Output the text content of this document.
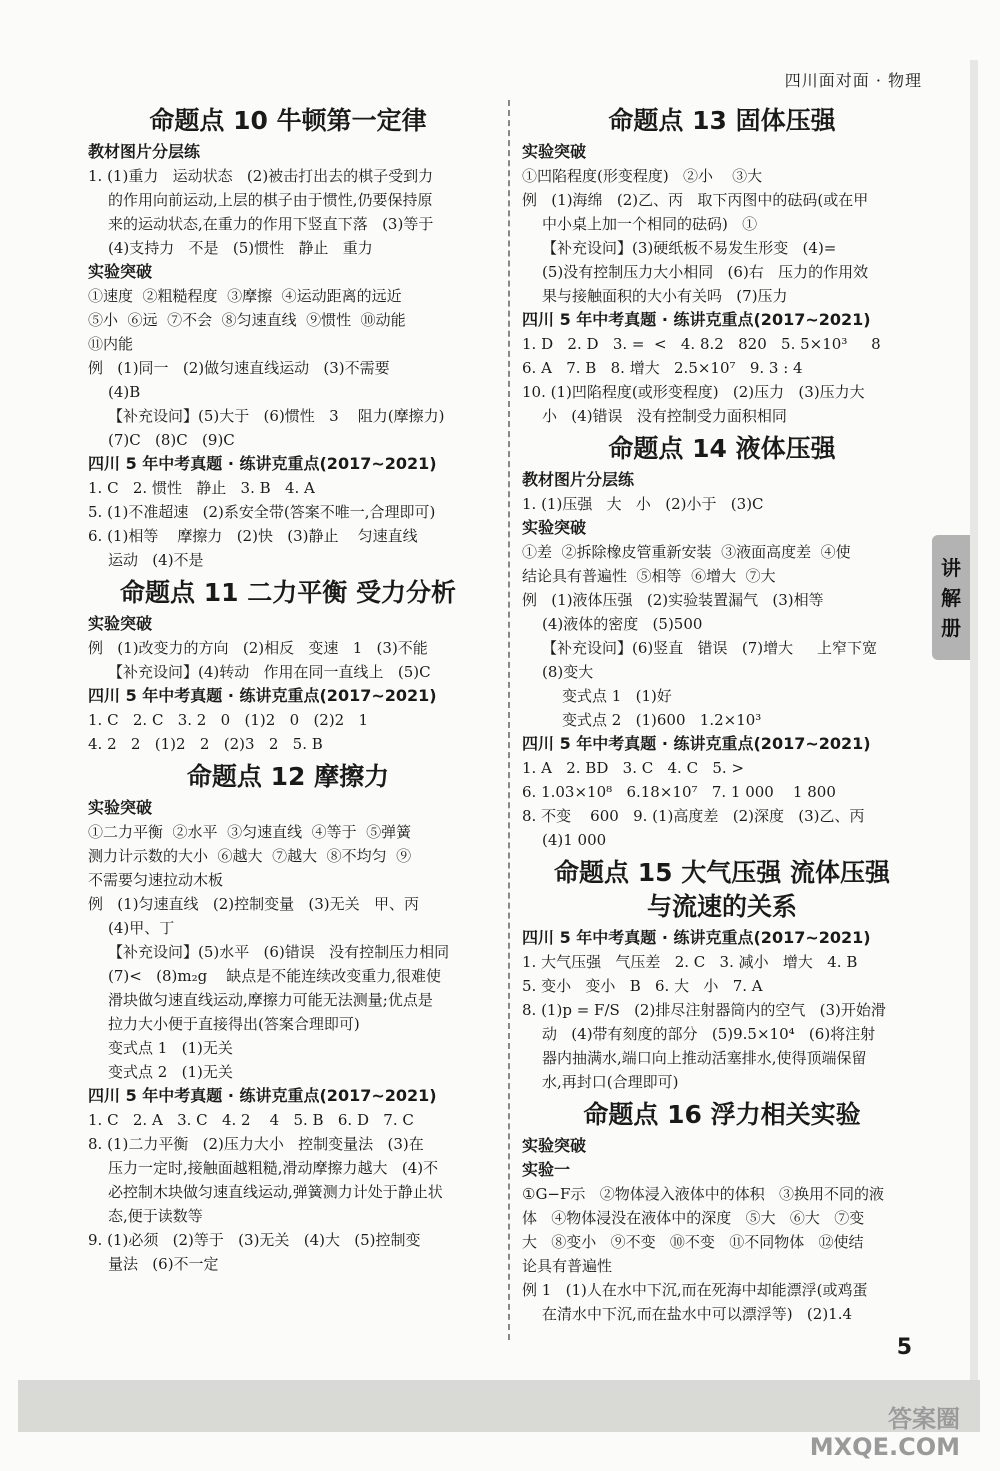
四川面对面 · 物理
命题点 10 牛顿第一定律
教材图片分层练
1. (1)重力   运动状态   (2)被击打出去的棋子受到力
的作用向前运动,上层的棋子由于惯性,仍要保持原
来的运动状态,在重力的作用下竖直下落   (3)等于
(4)支持力   不是   (5)惯性   静止   重力
实验突破
①速度  ②粗糙程度  ③摩擦  ④运动距离的远近
⑤小  ⑥远  ⑦不会  ⑧匀速直线  ⑨惯性  ⑩动能
⑪内能
例   (1)同一   (2)做匀速直线运动   (3)不需要
(4)B
【补充设问】(5)大于   (6)惯性   3    阻力(摩擦力)
(7)C   (8)C   (9)C
四川 5 年中考真题 · 练讲克重点(2017~2021)
1. C   2. 惯性   静止   3. B   4. A
5. (1)不准超速   (2)系安全带(答案不唯一,合理即可)
6. (1)相等    摩擦力   (2)快   (3)静止    匀速直线
运动   (4)不是
命题点 11 二力平衡 受力分析
实验突破
例   (1)改变力的方向   (2)相反   变速   1   (3)不能
【补充设问】(4)转动   作用在同一直线上   (5)C
四川 5 年中考真题 · 练讲克重点(2017~2021)
1. C   2. C   3. 2   0   (1)2   0   (2)2   1
4. 2   2   (1)2   2   (2)3   2   5. B
命题点 12 摩擦力
实验突破
①二力平衡  ②水平  ③匀速直线  ④等于  ⑤弹簧
测力计示数的大小  ⑥越大  ⑦越大  ⑧不均匀  ⑨
不需要匀速拉动木板
例   (1)匀速直线   (2)控制变量   (3)无关   甲、丙
(4)甲、丁
【补充设问】(5)水平   (6)错误   没有控制压力相同
(7)<   (8)m₂g    缺点是不能连续改变重力,很难使
滑块做匀速直线运动,摩擦力可能无法测量;优点是
拉力大小便于直接得出(答案合理即可)
变式点 1   (1)无关
变式点 2   (1)无关
四川 5 年中考真题 · 练讲克重点(2017~2021)
1. C   2. A   3. C   4. 2    4   5. B   6. D   7. C
8. (1)二力平衡   (2)压力大小   控制变量法   (3)在
压力一定时,接触面越粗糙,滑动摩擦力越大   (4)不
必控制木块做匀速直线运动,弹簧测力计处于静止状
态,便于读数等
9. (1)必须   (2)等于   (3)无关   (4)大   (5)控制变
量法   (6)不一定
命题点 13 固体压强
实验突破
①凹陷程度(形变程度)   ②小    ③大
例   (1)海绵   (2)乙、丙   取下丙图中的砝码(或在甲
中小桌上加一个相同的砝码)   ①
【补充设问】(3)硬纸板不易发生形变   (4)=
(5)没有控制压力大小相同   (6)右   压力的作用效
果与接触面积的大小有关吗   (7)压力
四川 5 年中考真题 · 练讲克重点(2017~2021)
1. D   2. D   3. =  <   4. 8.2   820   5. 5×10³     8
6. A   7. B   8. 增大   2.5×10⁷   9. 3 : 4
10. (1)凹陷程度(或形变程度)   (2)压力   (3)压力大
小   (4)错误   没有控制受力面积相同
命题点 14 液体压强
教材图片分层练
1. (1)压强   大   小   (2)小于   (3)C
实验突破
①差  ②拆除橡皮管重新安装  ③液面高度差  ④使
结论具有普遍性  ⑤相等  ⑥增大  ⑦大
例   (1)液体压强   (2)实验装置漏气   (3)相等
(4)液体的密度   (5)500
【补充设问】(6)竖直   错误   (7)增大     上窄下宽
(8)变大
变式点 1   (1)好
变式点 2   (1)600   1.2×10³
四川 5 年中考真题 · 练讲克重点(2017~2021)
1. A   2. BD   3. C   4. C   5. >
6. 1.03×10⁸   6.18×10⁷   7. 1 000    1 800
8. 不变    600   9. (1)高度差   (2)深度   (3)乙、丙
(4)1 000
命题点 15 大气压强 流体压强
与流速的关系
四川 5 年中考真题 · 练讲克重点(2017~2021)
1. 大气压强   气压差   2. C   3. 减小   增大   4. B
5. 变小   变小   B   6. 大   小   7. A
8. (1)p = F/S   (2)排尽注射器筒内的空气   (3)开始滑
动   (4)带有刻度的部分   (5)9.5×10⁴   (6)将注射
器内抽满水,端口向上推动活塞排水,使得顶端保留
水,再封口(合理即可)
命题点 16 浮力相关实验
实验突破
实验一
①G−F示   ②物体浸入液体中的体积   ③换用不同的液
体   ④物体浸没在液体中的深度   ⑤大   ⑥大   ⑦变
大   ⑧变小   ⑨不变   ⑩不变   ⑪不同物体   ⑫使结
论具有普遍性
例 1   (1)人在水中下沉,而在死海中却能漂浮(或鸡蛋
在清水中下沉,而在盐水中可以漂浮等)   (2)1.4
讲
解
册
5
答案圈
MXQE.COM
